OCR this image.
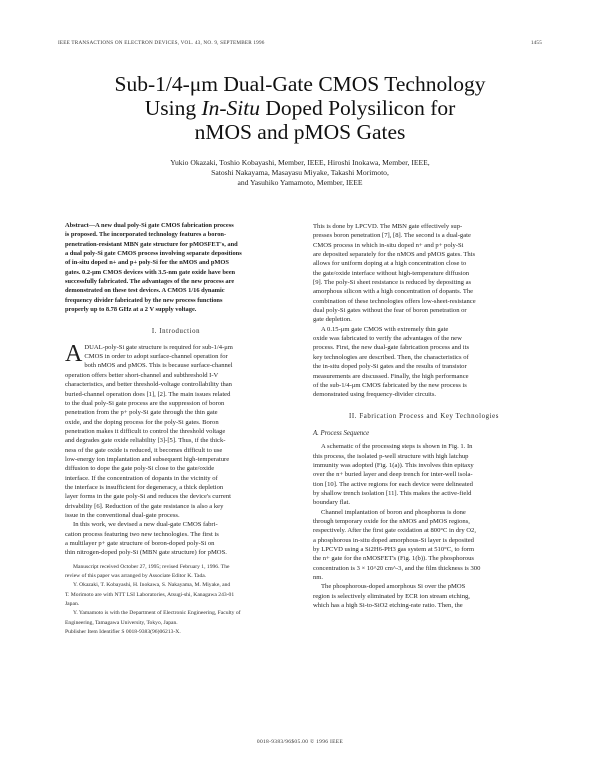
IEEE TRANSACTIONS ON ELECTRON DEVICES, VOL. 43, NO. 9, SEPTEMBER 1996	1455
Sub-1/4-μm Dual-Gate CMOS Technology
Using In-Situ Doped Polysilicon for
nMOS and pMOS Gates
Yukio Okazaki, Toshio Kobayashi, Member, IEEE, Hiroshi Inokawa, Member, IEEE,
Satoshi Nakayama, Masayasu Miyake, Takashi Morimoto,
and Yasuhiko Yamamoto, Member, IEEE

Abstract—A new dual poly-Si gate CMOS fabrication process

is proposed. The incorporated technology features a boron-

penetration-resistant MBN gate structure for pMOSFET's, and

a dual poly-Si gate CMOS process involving separate depositions

of in-situ doped n+ and p+ poly-Si for the nMOS and pMOS

gates. 0.2-μm CMOS devices with 3.5-nm gate oxide have been

successfully fabricated. The advantages of the new process are

demonstrated on these test devices. A CMOS 1/16 dynamic

frequency divider fabricated by the new process functions

properly up to 8.78 GHz at a 2 V supply voltage.

I. Introduction
A DUAL-poly-Si gate structure is required for sub-1/4-μm

CMOS in order to adopt surface-channel operation for

both nMOS and pMOS. This is because surface-channel

operation offers better short-channel and subthreshold I-V

characteristics, and better threshold-voltage controllability than

buried-channel operation does [1], [2]. The main issues related

to the dual poly-Si gate process are the suppression of boron

penetration from the p+ poly-Si gate through the thin gate

oxide, and the doping process for the poly-Si gates. Boron

penetration makes it difficult to control the threshold voltage

and degrades gate oxide reliability [3]-[5]. Thus, if the thick-

ness of the gate oxide is reduced, it becomes difficult to use

low-energy ion implantation and subsequent high-temperature

diffusion to dope the gate poly-Si close to the gate/oxide

interface. If the concentration of dopants in the vicinity of

the interface is insufficient for degeneracy, a thick depletion

layer forms in the gate poly-Si and reduces the device's current

drivability [6]. Reduction of the gate resistance is also a key

issue in the conventional dual-gate process.

In this work, we devised a new dual-gate CMOS fabri-

cation process featuring two new technologies. The first is

a multilayer p+ gate structure of boron-doped poly-Si on

thin nitrogen-doped poly-Si (MBN gate structure) for pMOS.

Manuscript received October 27, 1995; revised February 1, 1996. The

review of this paper was arranged by Associate Editor K. Tada.

Y. Okazaki, T. Kobayashi, H. Inokawa, S. Nakayama, M. Miyake, and

T. Morimoto are with NTT LSI Laboratories, Atsugi-shi, Kanagawa 243-01

Japan.

Y. Yamamoto is with the Department of Electronic Engineering, Faculty of

Engineering, Tamagawa University, Tokyo, Japan.

Publisher Item Identifier S 0018-9383(96)06213-X.

This is done by LPCVD. The MBN gate effectively sup-

presses boron penetration [7], [8]. The second is a dual-gate

CMOS process in which in-situ doped n+ and p+ poly-Si

are deposited separately for the nMOS and pMOS gates. This

allows for uniform doping at a high concentration close to

the gate/oxide interface without high-temperature diffusion

[9]. The poly-Si sheet resistance is reduced by depositing as

amorphous silicon with a high concentration of dopants. The

combination of these technologies offers low-sheet-resistance

dual poly-Si gates without the fear of boron penetration or

gate depletion.

A 0.15-μm gate CMOS with extremely thin gate

oxide was fabricated to verify the advantages of the new

process. First, the new dual-gate fabrication process and its

key technologies are described. Then, the characteristics of

the in-situ doped poly-Si gates and the results of transistor

measurements are discussed. Finally, the high performance

of the sub-1/4-μm CMOS fabricated by the new process is

demonstrated using frequency-divider circuits.

II. Fabrication Process and Key Technologies
A. Process Sequence

A schematic of the processing steps is shown in Fig. 1. In

this process, the isolated p-well structure with high latchup

immunity was adopted (Fig. 1(a)). This involves thin epitaxy

over the n+ buried layer and deep trench for inter-well isola-

tion [10]. The active regions for each device were delineated

by shallow trench isolation [11]. This makes the active-field

boundary flat.

Channel implantation of boron and phosphorus is done

through temporary oxide for the nMOS and pMOS regions,

respectively. After the first gate oxidation at 800°C in dry O2,

a phosphorous in-situ doped amorphous-Si layer is deposited

by LPCVD using a Si2H6-PH3 gas system at 510°C, to form

the n+ gate for the nMOSFET's (Fig. 1(b)). The phosphorous

concentration is 3 × 10^20 cm^-3, and the film thickness is 300

nm.

The phosphorous-doped amorphous Si over the pMOS

region is selectively eliminated by ECR ion stream etching,

which has a high Si-to-SiO2 etching-rate ratio. Then, the

0018-9383/96$05.00 © 1996 IEEE
